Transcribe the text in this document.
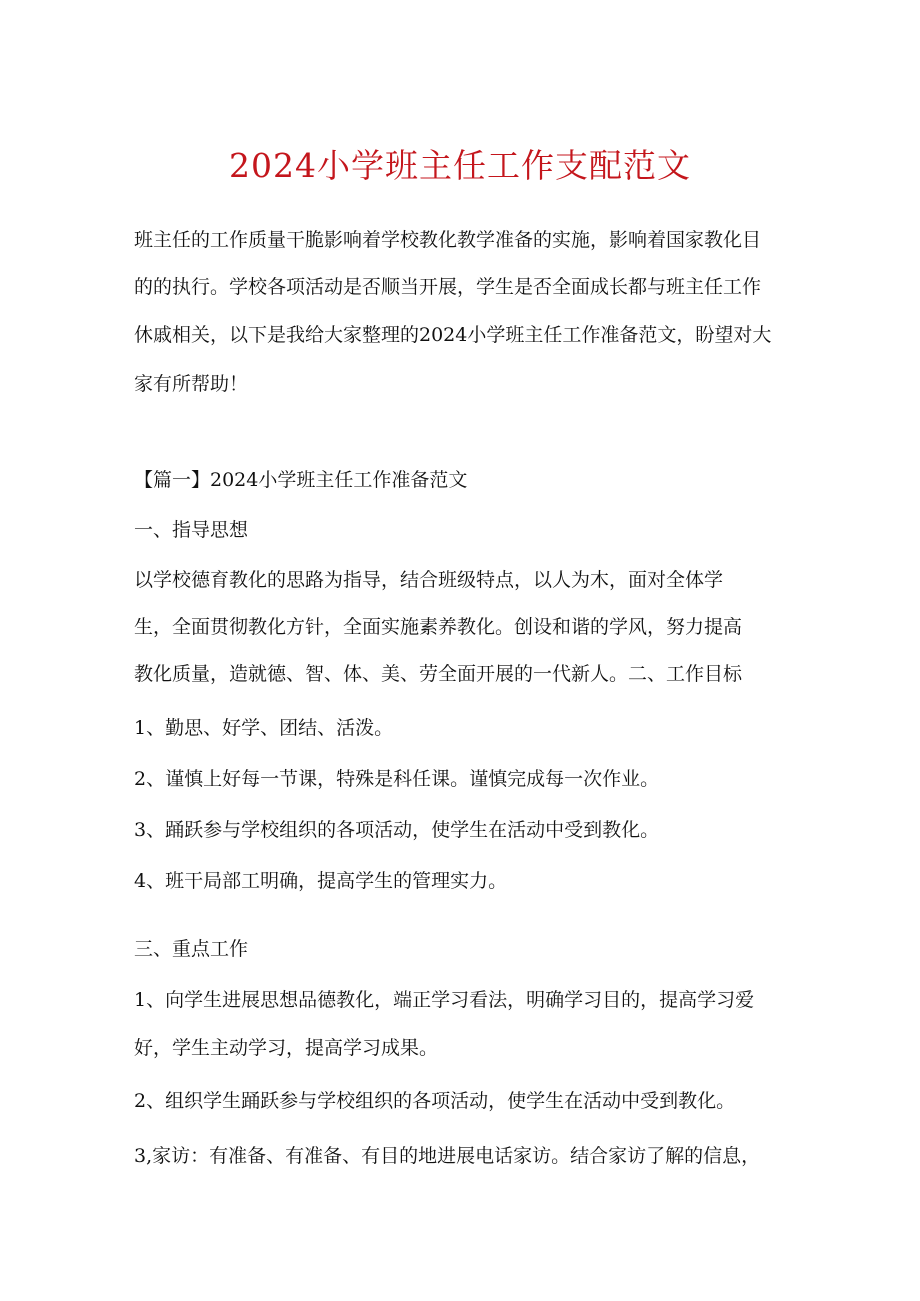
2024小学班主任工作支配范文

班主任的工作质量干脆影响着学校教化教学准备的实施，影响着国家教化目

的的执行。学校各项活动是否顺当开展，学生是否全面成长都与班主任工作

休戚相关，以下是我给大家整理的2024小学班主任工作准备范文，盼望对大

家有所帮助！

【篇一】2024小学班主任工作准备范文

一、指导思想

以学校德育教化的思路为指导，结合班级特点，以人为木，面对全体学

生，全面贯彻教化方针，全面实施素养教化。创设和谐的学风，努力提高

教化质量，造就德、智、体、美、劳全面开展的一代新人。二、工作目标

1、勤思、好学、团结、活泼。

2、谨慎上好每一节课，特殊是科任课。谨慎完成每一次作业。

3、踊跃参与学校组织的各项活动，使学生在活动中受到教化。

4、班干局部工明确，提高学生的管理实力。

三、重点工作

1、向学生进展思想品德教化，端正学习看法，明确学习目的，提高学习爱

好，学生主动学习，提高学习成果。

2、组织学生踊跃参与学校组织的各项活动，使学生在活动中受到教化。

3,家访：有准备、有准备、有目的地进展电话家访。结合家访了解的信息，
